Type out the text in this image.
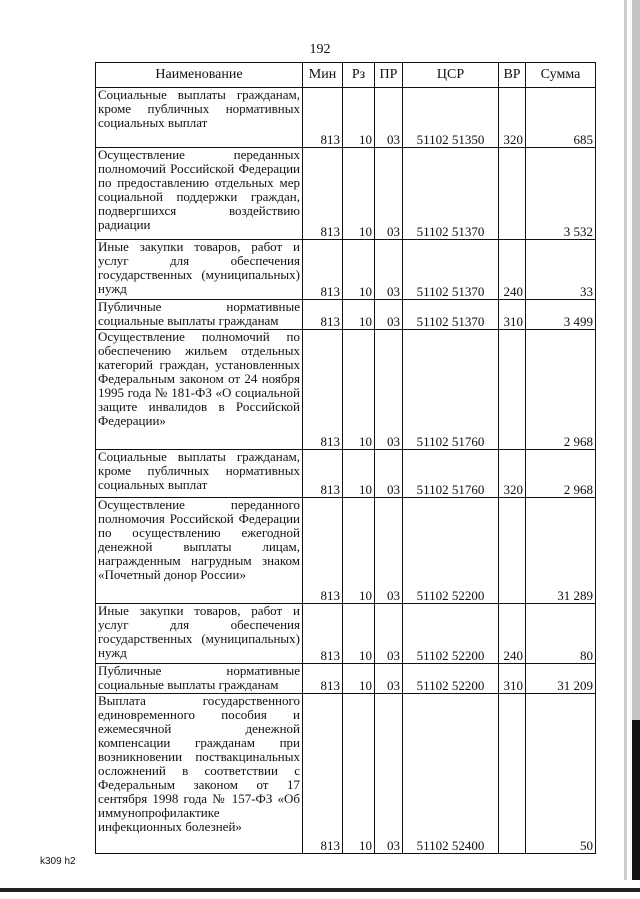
192
Наименование	Мин	Рз	ПР	ЦСР	ВР	Сумма
Социальные выплаты гражданам, кроме публичных нормативных социальных выплат	813	10	03	51102 51350	320	685
Осуществление переданных полномочий Российской Федерации по предоставлению отдельных мер социальной поддержки граждан, подвергшихся воздействию радиации	813	10	03	51102 51370		3 532
Иные закупки товаров, работ и услуг для обеспечения государственных (муниципальных) нужд	813	10	03	51102 51370	240	33
Публичные нормативные социальные выплаты гражданам	813	10	03	51102 51370	310	3 499
Осуществление полномочий по обеспечению жильем отдельных категорий граждан, установленных Федеральным законом от 24 ноября 1995 года № 181-ФЗ «О социальной защите инвалидов в Российской Федерации»	813	10	03	51102 51760		2 968
Социальные выплаты гражданам, кроме публичных нормативных социальных выплат	813	10	03	51102 51760	320	2 968
Осуществление переданного полномочия Российской Федерации по осуществлению ежегодной денежной выплаты лицам, награжденным нагрудным знаком «Почетный донор России»	813	10	03	51102 52200		31 289
Иные закупки товаров, работ и услуг для обеспечения государственных (муниципальных) нужд	813	10	03	51102 52200	240	80
Публичные нормативные социальные выплаты гражданам	813	10	03	51102 52200	310	31 209
Выплата государственного единовременного пособия и ежемесячной денежной компенсации гражданам при возникновении поствакцинальных осложнений в соответствии с Федеральным законом от 17 сентября 1998 года № 157-ФЗ «Об иммунопрофилактике инфекционных болезней»	813	10	03	51102 52400		50
k309 h2
